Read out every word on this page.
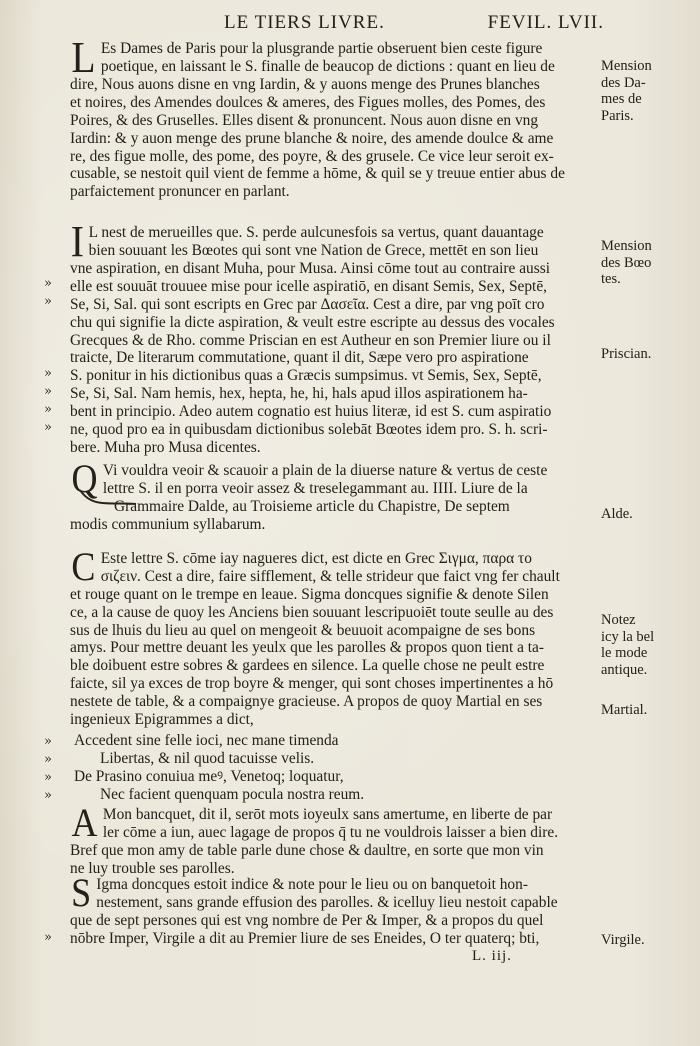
LE TIERS LIVRE.	FEVIL. LVII.
L Es Dames de Paris pour la plusgrande partie obseruent bien ceste figure
poetique, en laissant le S. finalle de beaucop de dictions : quant en lieu de
dire, Nous auons disne en vng Iardin, & y auons menge des Prunes blanches
et noires, des Amendes doulces & ameres, des Figues molles, des Pomes, des
Poires, & des Gruselles. Elles disent & pronuncent. Nous auon disne en vng
Iardin: & y auon menge des prune blanche & noire, des amende doulce & ame
re, des figue molle, des pome, des poyre, & des grusele. Ce vice leur seroit ex-
cusable, se nestoit quil vient de femme a hōme, & quil se y treuue entier abus de
parfaictement pronuncer en parlant.
I L nest de merueilles que. S. perde aulcunesfois sa vertus, quant dauantage
bien souuant les Bœotes qui sont vne Nation de Grece, mettēt en son lieu
vne aspiration, en disant Muha, pour Musa. Ainsi cōme tout au contraire aussi
elle est souuāt trouuee mise pour icelle aspiratiō, en disant Semis, Sex, Septē,
Se, Si, Sal. qui sont escripts en Grec par Δασεῖα. Cest a dire, par vng poīt cro
chu qui signifie la dicte aspiration, & veult estre escripte au dessus des vocales
Grecques & de Rho. comme Priscian en est Autheur en son Premier liure ou il
traicte, De literarum commutatione, quant il dit, Sæpe vero pro aspiratione
S. ponitur in his dictionibus quas a Græcis sumpsimus. vt Semis, Sex, Septē,
Se, Si, Sal. Nam hemis, hex, hepta, he, hi, hals apud illos aspirationem ha-
bent in principio. Adeo autem cognatio est huius literæ, id est S. cum aspiratio
ne, quod pro ea in quibusdam dictionibus solebāt Bœotes idem pro. S. h. scri-
bere. Muha pro Musa dicentes.
»
»
»
»
»
»
Q Vi vouldra veoir & scauoir a plain de la diuerse nature & vertus de ceste
lettre S. il en porra veoir assez & treselegammant au. IIII. Liure de la
Grammaire Dalde, au Troisieme article du Chapistre, De septem
modis communium syllabarum.
C Este lettre S. cōme iay nagueres dict, est dicte en Grec Σιγμα, παρα το
σιζειν. Cest a dire, faire sifflement, & telle strideur que faict vng fer chault
et rouge quant on le trempe en leaue. Sigma doncques signifie & denote Silen
ce, a la cause de quoy les Anciens bien souuant lescripuoiēt toute seulle au des
sus de lhuis du lieu au quel on mengeoit & beuuoit acompaigne de ses bons
amys. Pour mettre deuant les yeulx que les parolles & propos quon tient a ta-
ble doibuent estre sobres & gardees en silence. La quelle chose ne peult estre
faicte, sil ya exces de trop boyre & menger, qui sont choses impertinentes a hō
nestete de table, & a compaignye gracieuse. A propos de quoy Martial en ses
ingenieux Epigrammes a dict,
Accedent sine felle ioci, nec mane timenda
Libertas, & nil quod tacuisse velis.
De Prasino conuiua meꝰ, Venetoq; loquatur,
Nec facient quenquam pocula nostra reum.
»
»
»
»
A Mon bancquet, dit il, serōt mots ioyeulx sans amertume, en liberte de par
ler cōme a iun, auec lagage de propos q̄ tu ne vouldrois laisser a bien dire.
Bref que mon amy de table parle dune chose & daultre, en sorte que mon vin
ne luy trouble ses parolles.
S Igma doncques estoit indice & note pour le lieu ou on banquetoit hon-
nestement, sans grande effusion des parolles. & icelluy lieu nestoit capable
que de sept persones qui est vng nombre de Per & Imper, & a propos du quel
nōbre Imper, Virgile a dit au Premier liure de ses Eneides, O ter quaterq; bti,
»
Mension
des Da-
mes de
Paris.
Mension
des Bœo
tes.
Priscian.
Alde.
Notez
icy la bel
le mode
antique.
Martial.
Virgile.
L. iij.
